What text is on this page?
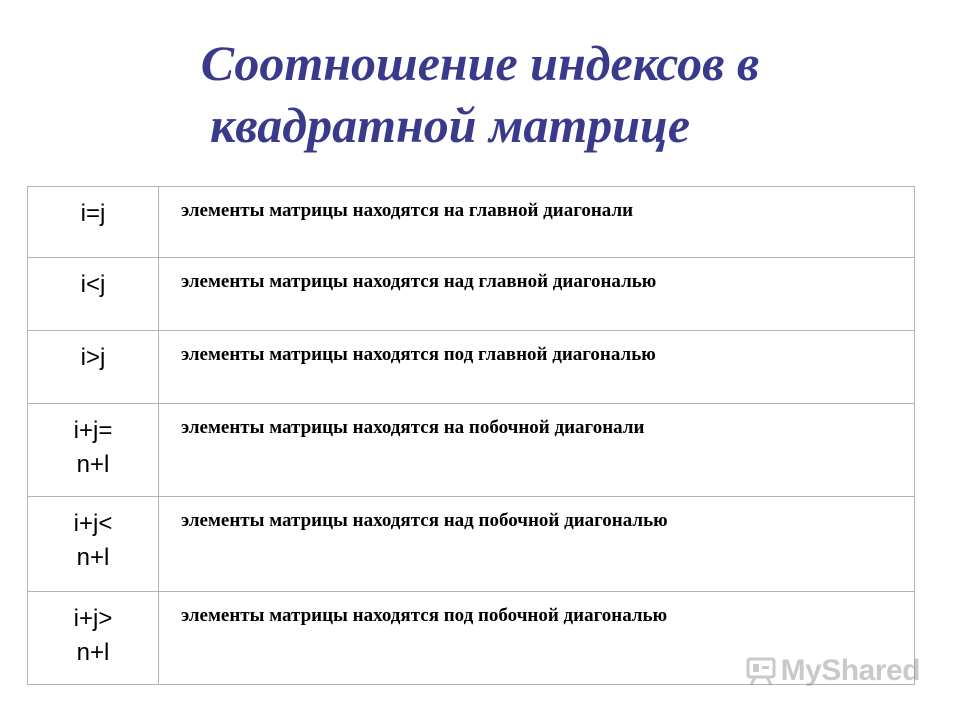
Соотношение индексов в
квадратной матрице
i=j	элементы матрицы находятся на главной диагонали
i<j	элементы матрицы находятся над главной диагональю
i>j	элементы матрицы находятся под главной диагональю

i+j=
n+l	элементы матрицы находятся на побочной диагонали

i+j<
n+l	элементы матрицы находятся над побочной диагональю

i+j>
n+l	элементы матрицы находятся под побочной диагональю
MyShared
